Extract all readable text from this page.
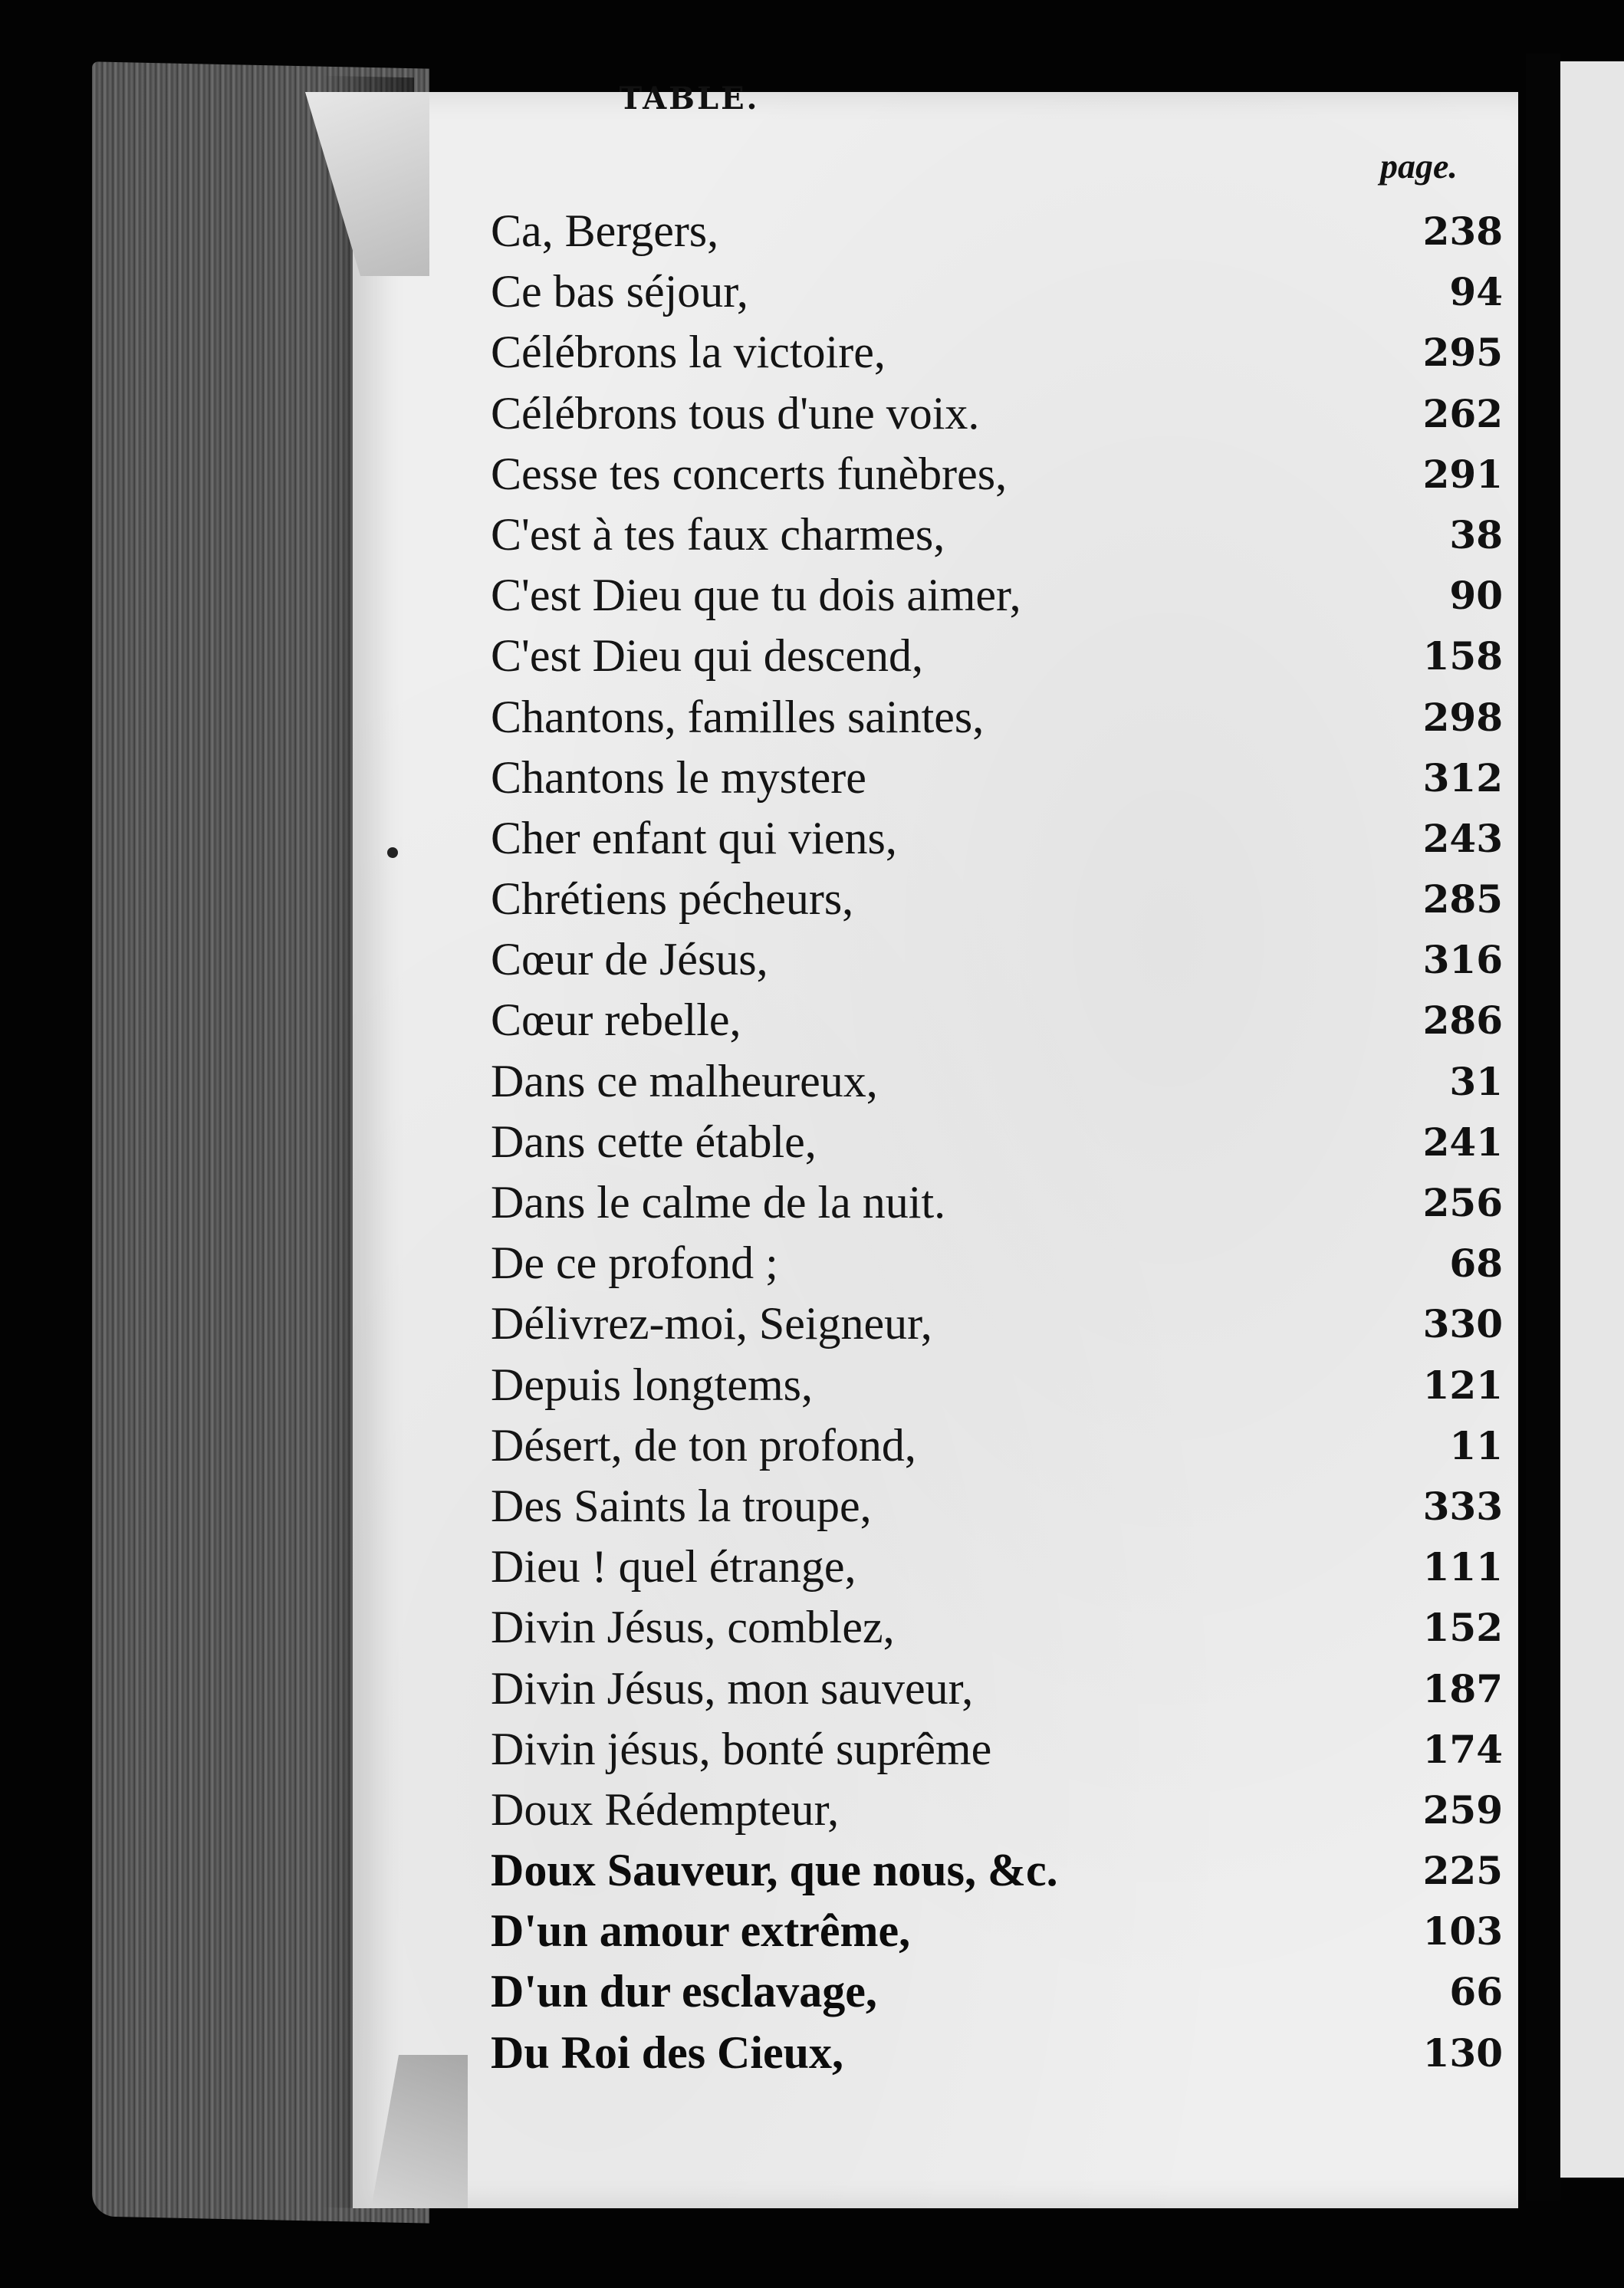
TABLE.
page.
Ca, Bergers,	238
Ce bas séjour,	94
Célébrons la victoire,	295
Célébrons tous d'une voix.	262
Cesse tes concerts funèbres,	291
C'est à tes faux charmes,	38
C'est Dieu que tu dois aimer,	90
C'est Dieu qui descend,	158
Chantons, familles saintes,	298
Chantons le mystere	312
Cher enfant qui viens,	243
Chrétiens pécheurs,	285
Cœur de Jésus,	316
Cœur rebelle,	286
Dans ce malheureux,	31
Dans cette étable,	241
Dans le calme de la nuit.	256
De ce profond ;	68
Délivrez-moi, Seigneur,	330
Depuis longtems,	121
Désert, de ton profond,	11
Des Saints la troupe,	333
Dieu ! quel étrange,	111
Divin Jésus, comblez,	152
Divin Jésus, mon sauveur,	187
Divin jésus, bonté suprême	174
Doux Rédempteur,	259
Doux Sauveur, que nous, &c.	225
D'un amour extrême,	103
D'un dur esclavage,	66
Du Roi des Cieux,	130
